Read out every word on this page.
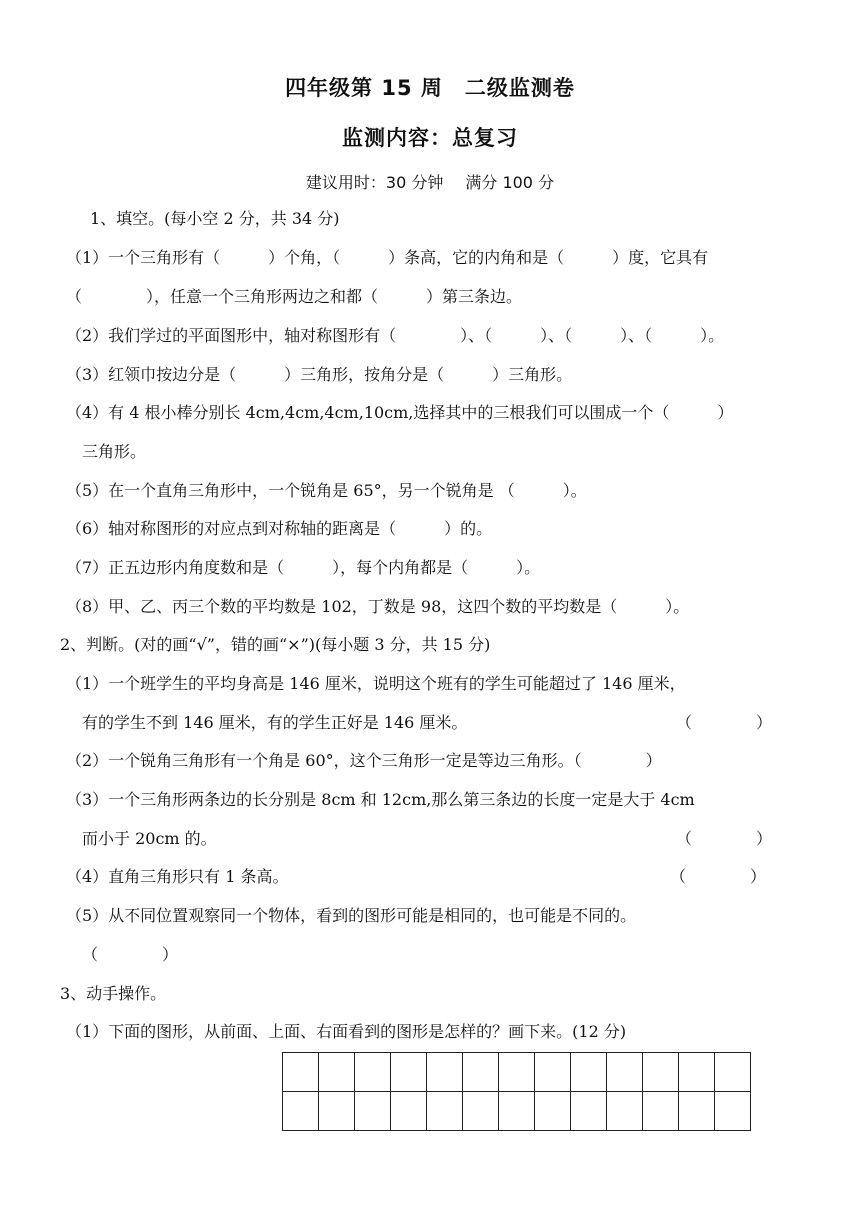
四年级第 15 周　二级监测卷
监测内容：总复习
建议用时：30 分钟 满分 100 分
1、填空。(每小空 2 分，共 34 分)
（1）一个三角形有（　　　）个角，（　　　）条高，它的内角和是（　　　）度，它具有
（　　　　），任意一个三角形两边之和都（　　　）第三条边。
（2）我们学过的平面图形中，轴对称图形有（　　　　）、（　　　）、（　　　）、（　　　）。
（3）红领巾按边分是（　　　）三角形，按角分是（　　　）三角形。
（4）有 4 根小棒分别长 4cm,4cm,4cm,10cm,选择其中的三根我们可以围成一个（　　　）
三角形。
（5）在一个直角三角形中，一个锐角是 65°，另一个锐角是 （　　　）。
（6）轴对称图形的对应点到对称轴的距离是（　　　）的。
（7）正五边形内角度数和是（　　　），每个内角都是（　　　）。
（8）甲、乙、丙三个数的平均数是 102，丁数是 98，这四个数的平均数是（　　　）。
2、判断。(对的画“√”，错的画“×”)(每小题 3 分，共 15 分)
（1）一个班学生的平均身高是 146 厘米，说明这个班有的学生可能超过了 146 厘米，
有的学生不到 146 厘米，有的学生正好是 146 厘米。	（　　　　）
（2）一个锐角三角形有一个角是 60°，这个三角形一定是等边三角形。（　　　　）
（3）一个三角形两条边的长分别是 8cm 和 12cm,那么第三条边的长度一定是大于 4cm
而小于 20cm 的。	（　　　　）
（4）直角三角形只有 1 条高。	（　　　　）
（5）从不同位置观察同一个物体，看到的图形可能是相同的，也可能是不同的。
（　　　　）
3、动手操作。
（1）下面的图形，从前面、上面、右面看到的图形是怎样的？画下来。(12 分)
